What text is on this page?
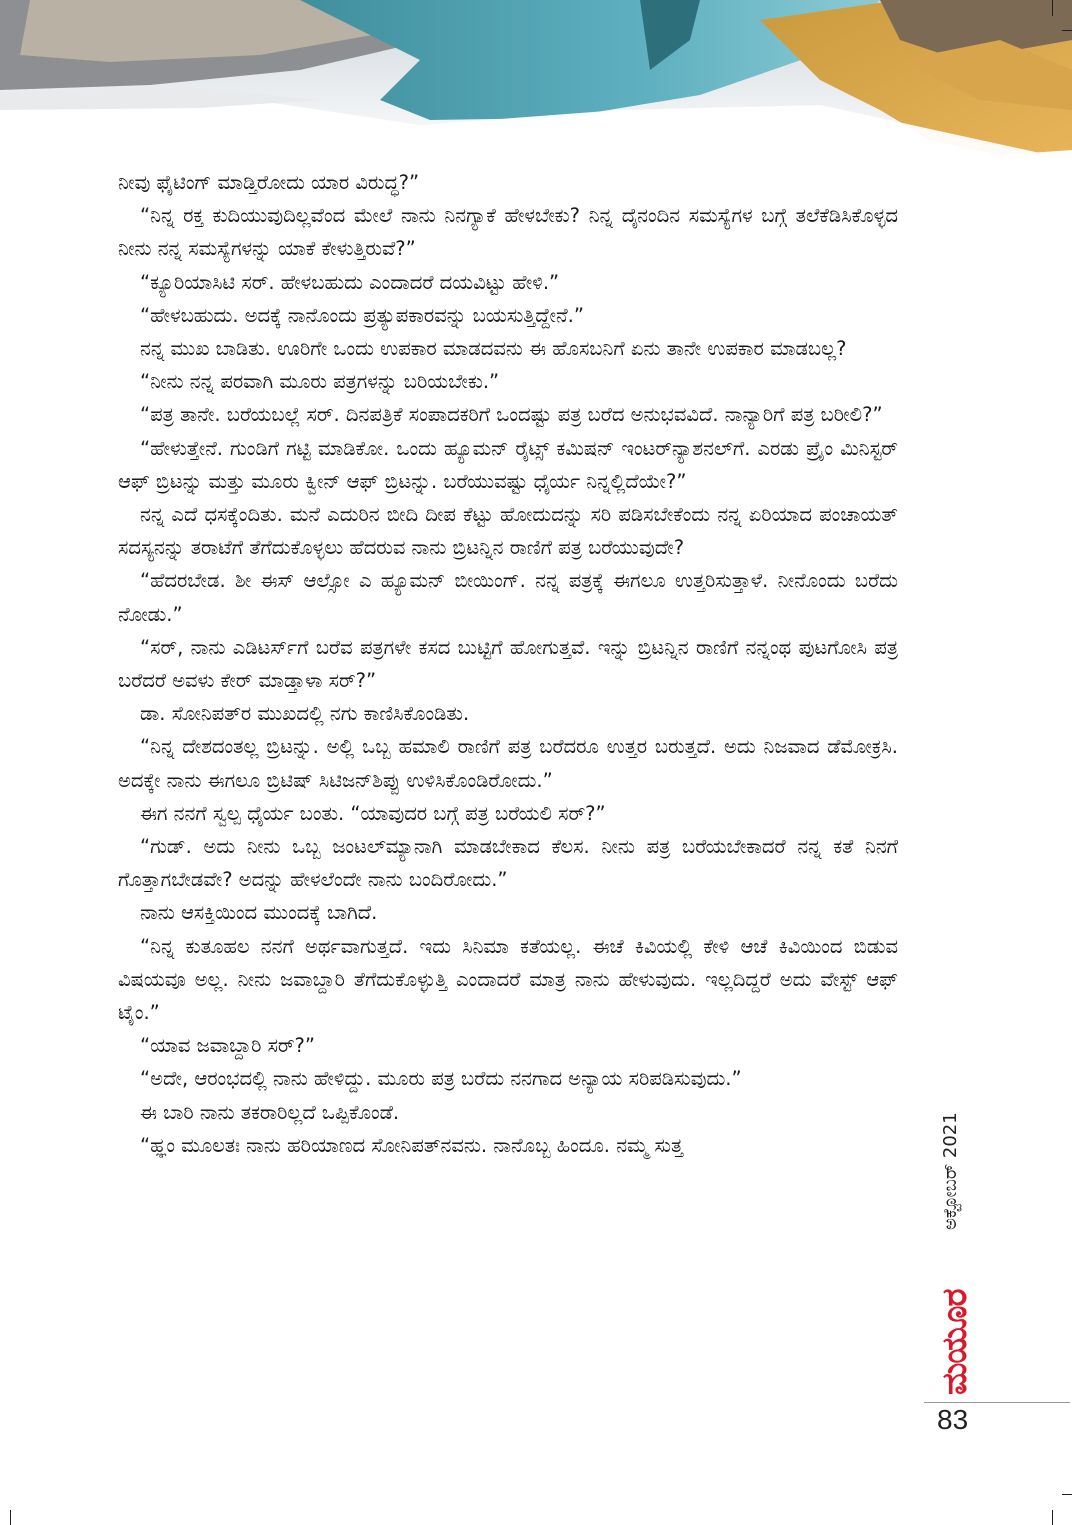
ನೀವು ಫೈಟಿಂಗ್ ಮಾಡ್ತಿರೋದು ಯಾರ ವಿರುದ್ಧ?”

“ನಿನ್ನ ರಕ್ತ ಕುದಿಯುವುದಿಲ್ಲವೆಂದ ಮೇಲೆ ನಾನು ನಿನಗ್ಯಾಕೆ ಹೇಳಬೇಕು? ನಿನ್ನ ದೈನಂದಿನ ಸಮಸ್ಯೆಗಳ ಬಗ್ಗೆ ತಲೆಕೆಡಿಸಿಕೊಳ್ಳದ ನೀನು ನನ್ನ ಸಮಸ್ಯೆಗಳನ್ನು ಯಾಕೆ ಕೇಳುತ್ತಿರುವೆ?”

“ಕ್ಯೂರಿಯಾಸಿಟಿ ಸರ್. ಹೇಳಬಹುದು ಎಂದಾದರೆ ದಯವಿಟ್ಟು ಹೇಳಿ.”

“ಹೇಳಬಹುದು. ಅದಕ್ಕೆ ನಾನೊಂದು ಪ್ರತ್ಯುಪಕಾರವನ್ನು ಬಯಸುತ್ತಿದ್ದೇನೆ.”

ನನ್ನ ಮುಖ ಬಾಡಿತು. ಊರಿಗೇ ಒಂದು ಉಪಕಾರ ಮಾಡದವನು ಈ ಹೊಸಬನಿಗೆ ಏನು ತಾನೇ ಉಪಕಾರ ಮಾಡಬಲ್ಲ?

“ನೀನು ನನ್ನ ಪರವಾಗಿ ಮೂರು ಪತ್ರಗಳನ್ನು ಬರಿಯಬೇಕು.”

“ಪತ್ರ ತಾನೇ. ಬರೆಯಬಲ್ಲೆ ಸರ್. ದಿನಪತ್ರಿಕೆ ಸಂಪಾದಕರಿಗೆ ಒಂದಷ್ಟು ಪತ್ರ ಬರೆದ ಅನುಭವವಿದೆ. ನಾನ್ಯಾರಿಗೆ ಪತ್ರ ಬರೀಲಿ?”

“ಹೇಳುತ್ತೇನೆ. ಗುಂಡಿಗೆ ಗಟ್ಟಿ ಮಾಡಿಕೋ. ಒಂದು ಹ್ಯೂಮನ್ ರೈಟ್ಸ್ ಕಮಿಷನ್ ಇಂಟರ್‌ನ್ಯಾಶನಲ್‌ಗೆ. ಎರಡು ಪ್ರೈಂ ಮಿನಿಸ್ಟರ್ ಆಫ್ ಬ್ರಿಟನ್ನು ಮತ್ತು ಮೂರು ಕ್ವೀನ್ ಆಫ್ ಬ್ರಿಟನ್ನು. ಬರೆಯುವಷ್ಟು ಧೈರ್ಯ ನಿನ್ನಲ್ಲಿದೆಯೇ?”

ನನ್ನ ಎದೆ ಧಸಕ್ಕೆಂದಿತು. ಮನೆ ಎದುರಿನ ಬೀದಿ ದೀಪ ಕೆಟ್ಟು ಹೋದುದನ್ನು ಸರಿ ಪಡಿಸಬೇಕೆಂದು ನನ್ನ ಏರಿಯಾದ ಪಂಚಾಯತ್ ಸದಸ್ಯನನ್ನು ತರಾಟೆಗೆ ತೆಗೆದುಕೊಳ್ಳಲು ಹೆದರುವ ನಾನು ಬ್ರಿಟನ್ನಿನ ರಾಣಿಗೆ ಪತ್ರ ಬರೆಯುವುದೇ?

“ಹೆದರಬೇಡ. ಶೀ ಈಸ್ ಆಲ್ಸೋ ಎ ಹ್ಯೂಮನ್ ಬೀಯಿಂಗ್. ನನ್ನ ಪತ್ರಕ್ಕೆ ಈಗಲೂ ಉತ್ತರಿಸುತ್ತಾಳೆ. ನೀನೊಂದು ಬರೆದು ನೋಡು.”

“ಸರ್, ನಾನು ಎಡಿಟರ್ಸ್‌ಗೆ ಬರೆವ ಪತ್ರಗಳೇ ಕಸದ ಬುಟ್ಟಿಗೆ ಹೋಗುತ್ತವೆ. ಇನ್ನು ಬ್ರಿಟನ್ನಿನ ರಾಣಿಗೆ ನನ್ನಂಥ ಪುಟಗೋಸಿ ಪತ್ರ ಬರೆದರೆ ಅವಳು ಕೇರ್ ಮಾಡ್ತಾಳಾ ಸರ್?”

ಡಾ. ಸೋನಿಪತ್‌ರ ಮುಖದಲ್ಲಿ ನಗು ಕಾಣಿಸಿಕೊಂಡಿತು.

“ನಿನ್ನ ದೇಶದಂತಲ್ಲ ಬ್ರಿಟನ್ನು. ಅಲ್ಲಿ ಒಬ್ಬ ಹಮಾಲಿ ರಾಣಿಗೆ ಪತ್ರ ಬರೆದರೂ ಉತ್ತರ ಬರುತ್ತದೆ. ಅದು ನಿಜವಾದ ಡೆಮೋಕ್ರಸಿ. ಅದಕ್ಕೇ ನಾನು ಈಗಲೂ ಬ್ರಿಟಿಷ್ ಸಿಟಿಜನ್‌ಶಿಪ್ಪು ಉಳಿಸಿಕೊಂಡಿರೋದು.”

ಈಗ ನನಗೆ ಸ್ವಲ್ಪ ಧೈರ್ಯ ಬಂತು. “ಯಾವುದರ ಬಗ್ಗೆ ಪತ್ರ ಬರೆಯಲಿ ಸರ್?”

“ಗುಡ್. ಅದು ನೀನು ಒಬ್ಬ ಜಂಟಲ್‌ಮ್ಯಾನಾಗಿ ಮಾಡಬೇಕಾದ ಕೆಲಸ. ನೀನು ಪತ್ರ ಬರೆಯಬೇಕಾದರೆ ನನ್ನ ಕತೆ ನಿನಗೆ ಗೊತ್ತಾಗಬೇಡವೇ? ಅದನ್ನು ಹೇಳಲೆಂದೇ ನಾನು ಬಂದಿರೋದು.”

ನಾನು ಆಸಕ್ತಿಯಿಂದ ಮುಂದಕ್ಕೆ ಬಾಗಿದೆ.

“ನಿನ್ನ ಕುತೂಹಲ ನನಗೆ ಅರ್ಥವಾಗುತ್ತದೆ. ಇದು ಸಿನಿಮಾ ಕತೆಯಲ್ಲ. ಈಚೆ ಕಿವಿಯಲ್ಲಿ ಕೇಳಿ ಆಚೆ ಕಿವಿಯಿಂದ ಬಿಡುವ ವಿಷಯವೂ ಅಲ್ಲ. ನೀನು ಜವಾಬ್ದಾರಿ ತೆಗೆದುಕೊಳ್ಳುತ್ತಿ ಎಂದಾದರೆ ಮಾತ್ರ ನಾನು ಹೇಳುವುದು. ಇಲ್ಲದಿದ್ದರೆ ಅದು ವೇಸ್ಟ್ ಆಫ್ ಟೈಂ.”

“ಯಾವ ಜವಾಬ್ದಾರಿ ಸರ್?”

“ಅದೇ, ಆರಂಭದಲ್ಲಿ ನಾನು ಹೇಳಿದ್ದು. ಮೂರು ಪತ್ರ ಬರೆದು ನನಗಾದ ಅನ್ಯಾಯ ಸರಿಪಡಿಸುವುದು.”

ಈ ಬಾರಿ ನಾನು ತಕರಾರಿಲ್ಲದೆ ಒಪ್ಪಿಕೊಂಡೆ.

“ಹ್ಞಂ ಮೂಲತಃ ನಾನು ಹರಿಯಾಣದ ಸೋನಿಪತ್‌ನವನು. ನಾನೊಬ್ಬ ಹಿಂದೂ. ನಮ್ಮ ಸುತ್ತ	ಅಕ್ಟೋಬರ್ 2021
ಮಯೂರ
83
